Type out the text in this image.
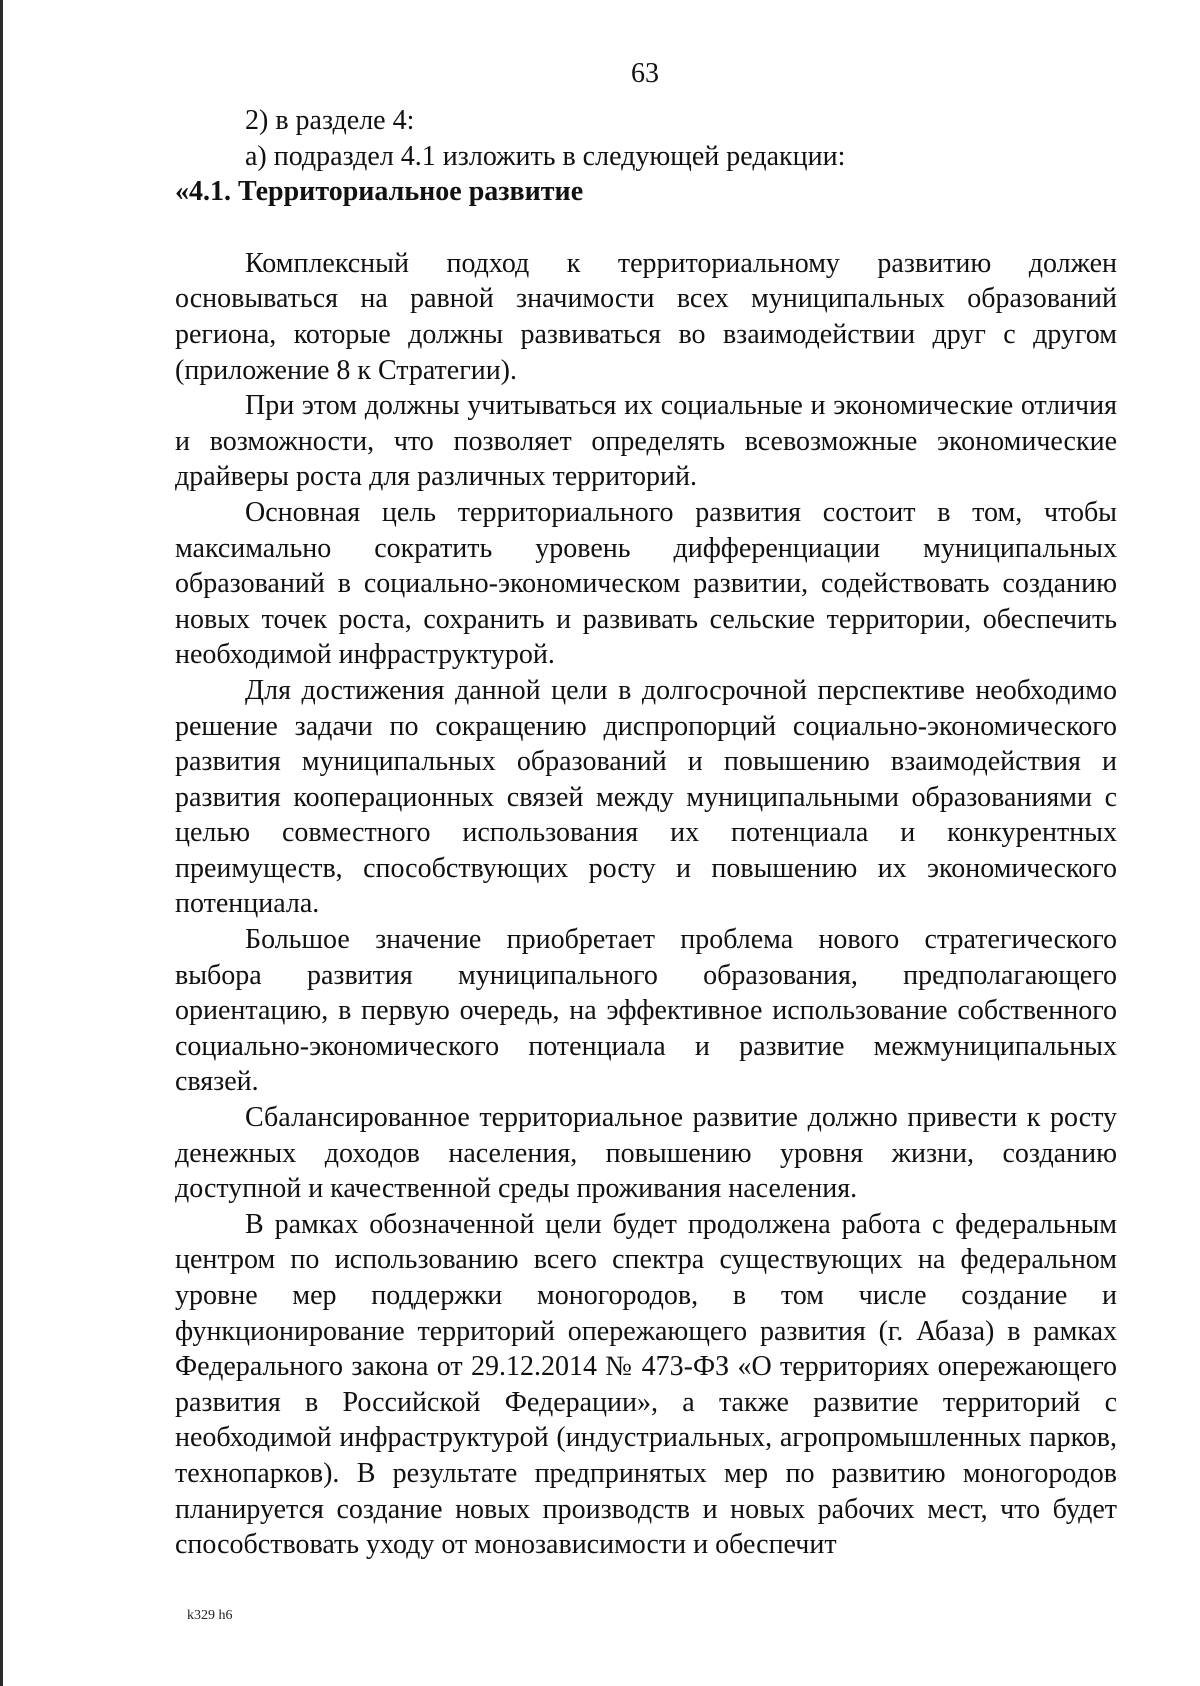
63

2) в разделе 4:

а) подраздел 4.1 изложить в следующей редакции:

«4.1. Территориальное развитие

Комплексный подход к территориальному развитию должен основываться на равной значимости всех муниципальных образований региона, которые должны развиваться во взаимодействии друг с другом (приложение 8 к Стратегии).

При этом должны учитываться их социальные и экономические отличия и возможности, что позволяет определять всевозможные экономические драйверы роста для различных территорий.

Основная цель территориального развития состоит в том, чтобы максимально сократить уровень дифференциации муниципальных образований в социально-экономическом развитии, содействовать созданию новых точек роста, сохранить и развивать сельские территории, обеспечить необходимой инфраструктурой.

Для достижения данной цели в долгосрочной перспективе необходимо решение задачи по сокращению диспропорций социально-экономического развития муниципальных образований и повышению взаимодействия и развития кооперационных связей между муниципальными образованиями с целью совместного использования их потенциала и конкурентных преимуществ, способствующих росту и повышению их экономического потенциала.

Большое значение приобретает проблема нового стратегического выбора развития муниципального образования, предполагающего ориентацию, в первую очередь, на эффективное использование собственного социально-экономического потенциала и развитие межмуниципальных связей.

Сбалансированное территориальное развитие должно привести к росту денежных доходов населения, повышению уровня жизни, созданию доступной и качественной среды проживания населения.

В рамках обозначенной цели будет продолжена работа с федеральным центром по использованию всего спектра существующих на федеральном уровне мер поддержки моногородов, в том числе создание и функционирование территорий опережающего развития (г. Абаза) в рамках Федерального закона от 29.12.2014 № 473-ФЗ «О территориях опережающего развития в Российской Федерации», а также развитие территорий с необходимой инфраструктурой (индустриальных, агропромышленных парков, технопарков). В результате предпринятых мер по развитию моногородов планируется создание новых производств и новых рабочих мест, что будет способствовать уходу от монозависимости и обеспечит

k329 h6
